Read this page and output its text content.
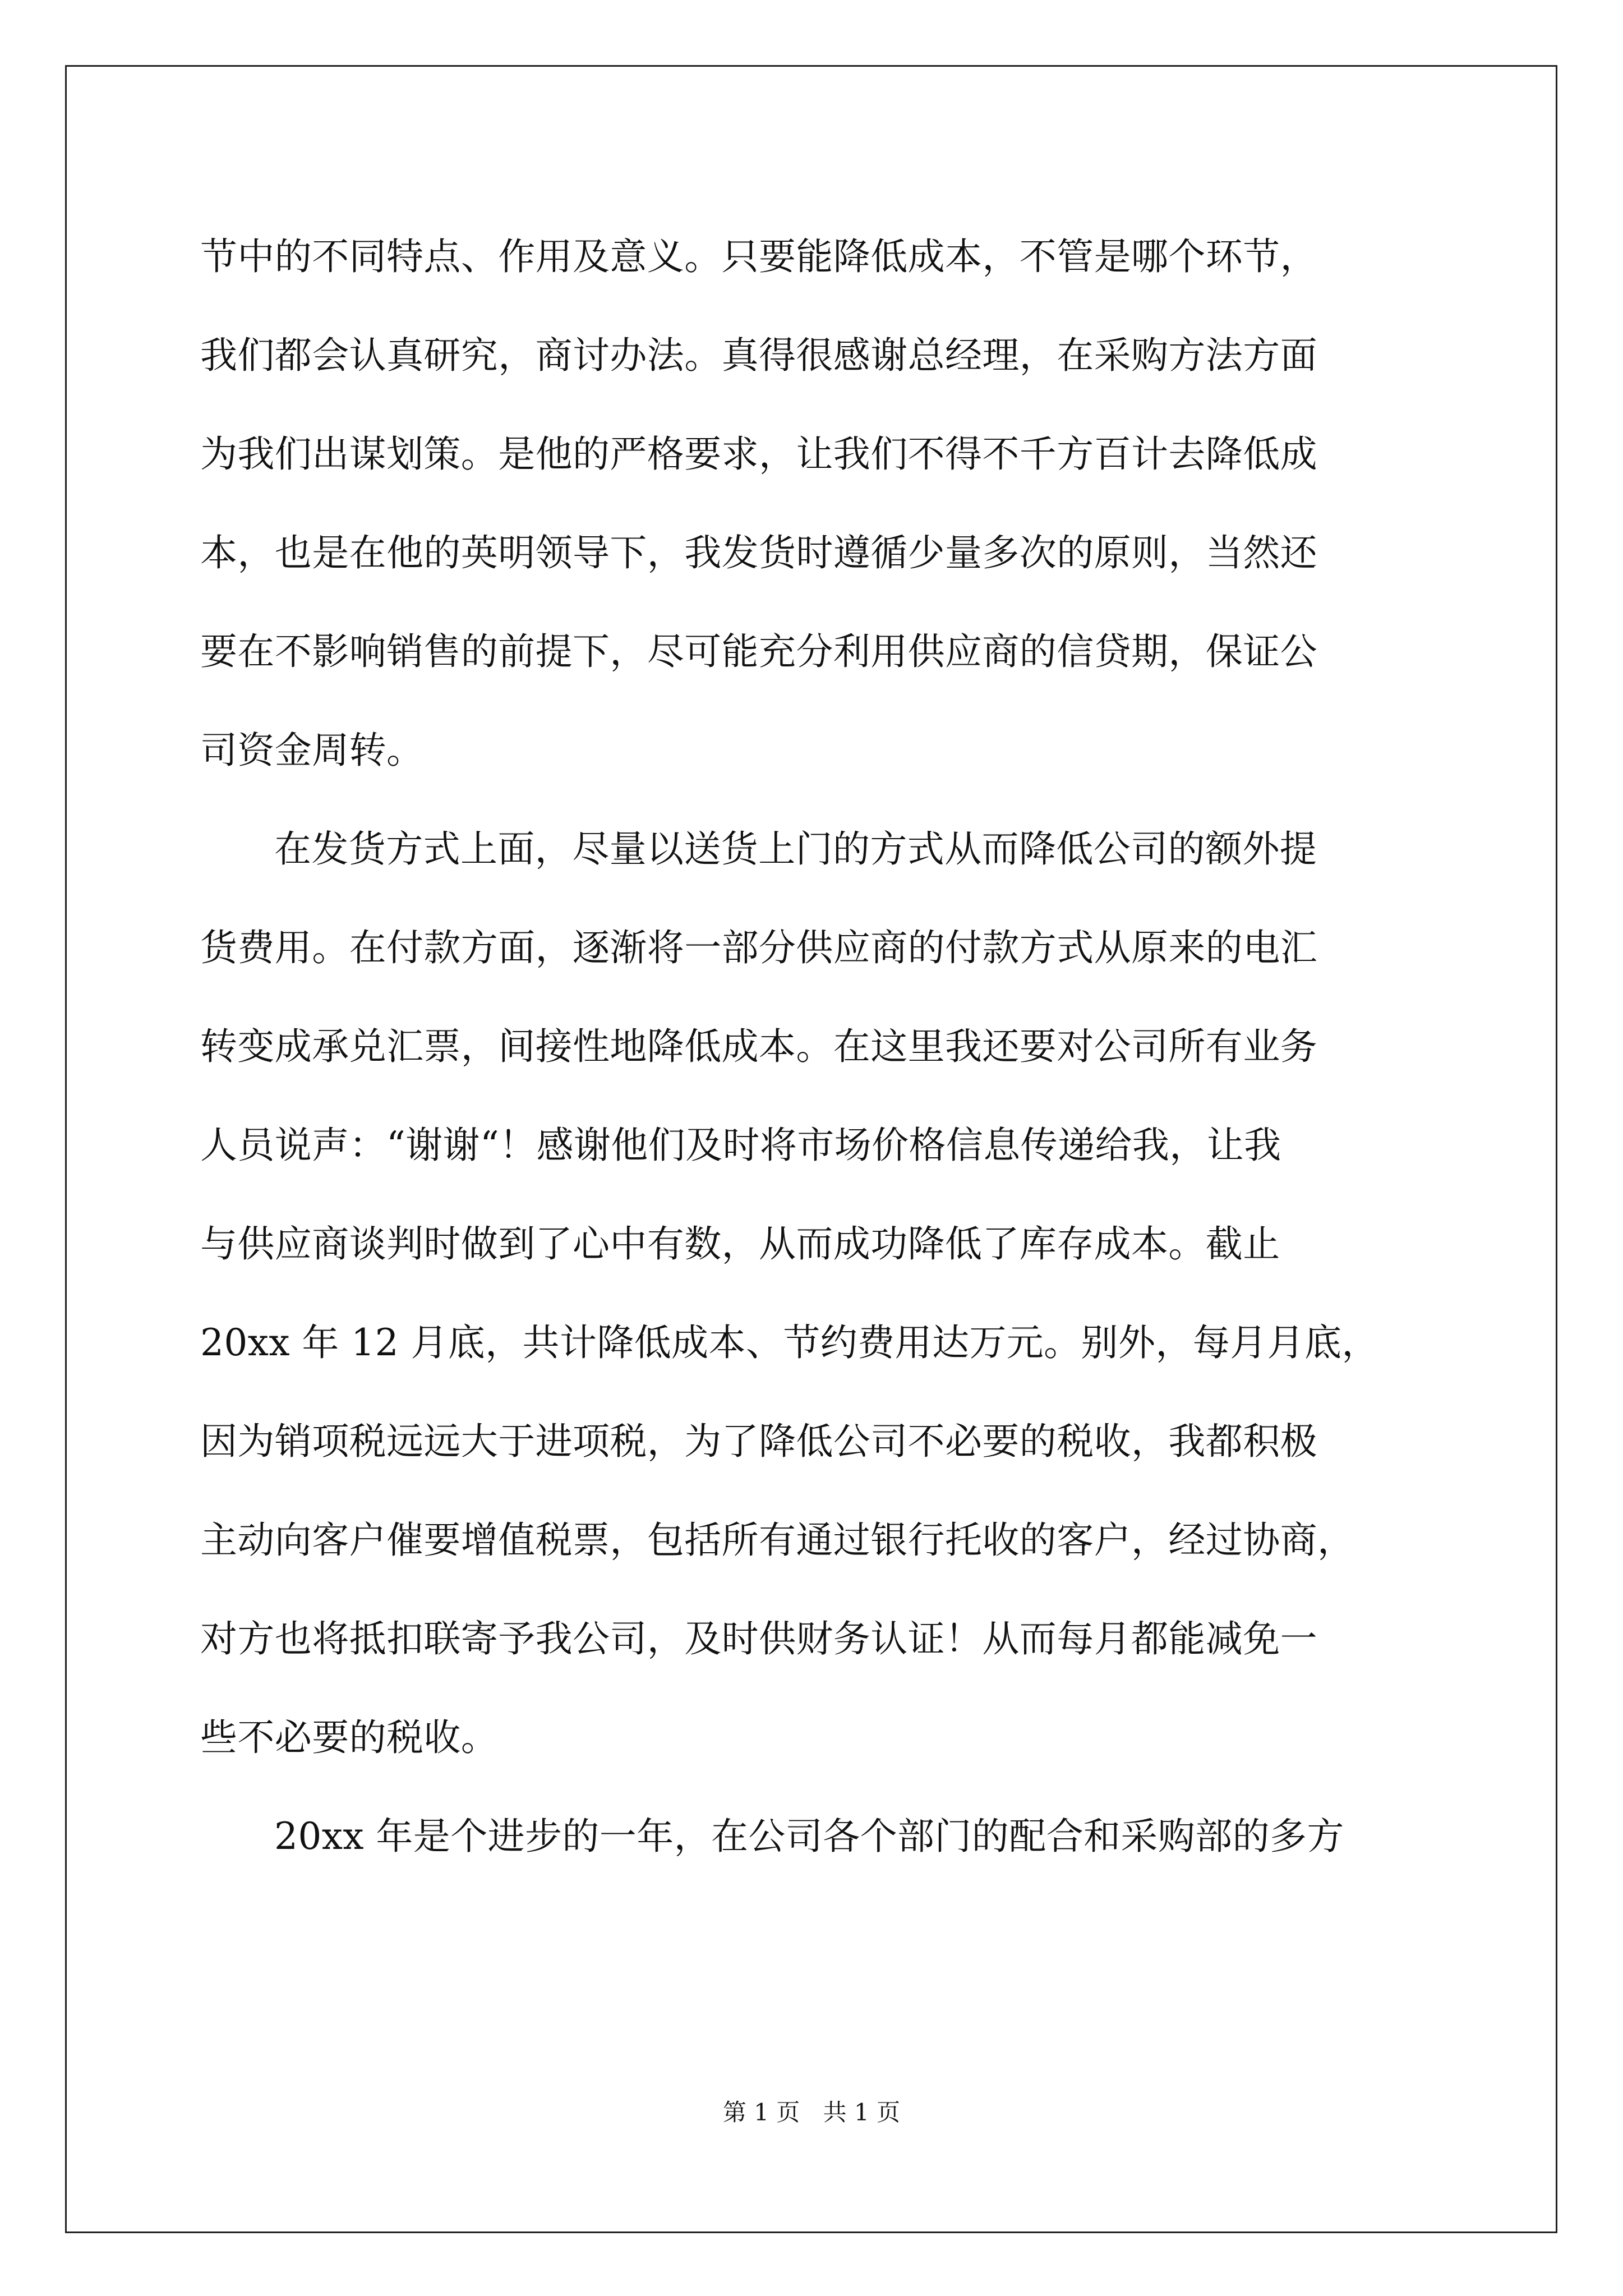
节中的不同特点、作用及意义。只要能降低成本，不管是哪个环节，
我们都会认真研究，商讨办法。真得很感谢总经理，在采购方法方面
为我们出谋划策。是他的严格要求，让我们不得不千方百计去降低成
本，也是在他的英明领导下，我发货时遵循少量多次的原则，当然还
要在不影响销售的前提下，尽可能充分利用供应商的信贷期，保证公
司资金周转。
在发货方式上面，尽量以送货上门的方式从而降低公司的额外提
货费用。在付款方面，逐渐将一部分供应商的付款方式从原来的电汇
转变成承兑汇票，间接性地降低成本。在这里我还要对公司所有业务
人员说声：“谢谢“！感谢他们及时将市场价格信息传递给我，让我
与供应商谈判时做到了心中有数，从而成功降低了库存成本。截止
20xx 年 12 月底，共计降低成本、节约费用达万元。别外，每月月底，
因为销项税远远大于进项税，为了降低公司不必要的税收，我都积极
主动向客户催要增值税票，包括所有通过银行托收的客户，经过协商，
对方也将抵扣联寄予我公司，及时供财务认证！从而每月都能减免一
些不必要的税收。
20xx 年是个进步的一年，在公司各个部门的配合和采购部的多方
第 1 页 共 1 页
